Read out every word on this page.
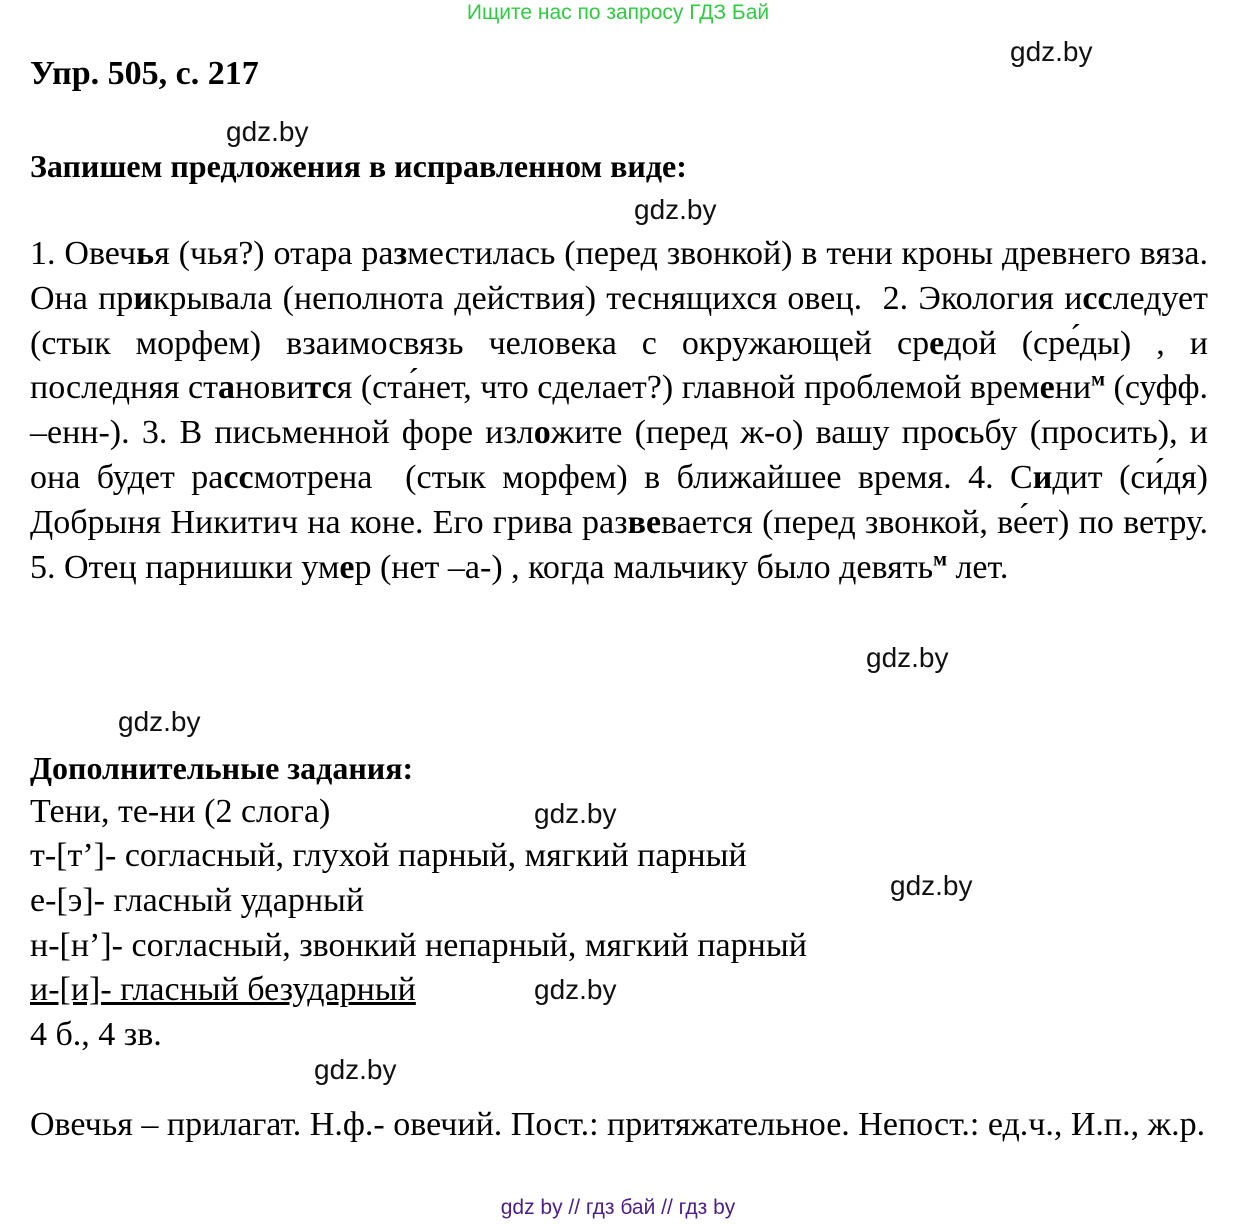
Ищите нас по запросу ГДЗ Бай
gdz.by
Упр. 505, с. 217
gdz.by
Запишем предложения в исправленном виде:
gdz.by
1. Овечья (чья?) отара разместилась (перед звонкой) в тени кроны древнего вяза. Она прикрывала (неполнота действия) теснящихся овец.  2. Экология исследует (стык морфем) взаимосвязь человека с окружающей средой (сре́ды) , и последняя становится (ста́нет, что сделает?) главной проблемой времени$^м$ (суфф. –енн-). 3. В письменной форе изложите (перед ж-о) вашу просьбу (просить), и она будет рассмотрена  (стык морфем) в ближайшее время. 4. Сидит (си́дя) Добрыня Никитич на коне. Его грива развевается (перед звонкой, ве́ет) по ветру. 5. Отец парнишки умер (нет –а-) , когда мальчику было девять$^м$ лет.
gdz.by
gdz.by
Дополнительные задания:
Тени, те-ни (2 слога)	gdz.by
т-[т’]- согласный, глухой парный, мягкий парный
gdz.by
е-[э]- гласный ударный
н-[н’]- согласный, звонкий непарный, мягкий парный
и-[и]- гласный безударный	gdz.by
4 б., 4 зв.
gdz.by
Овечья – прилагат. Н.ф.- овечий. Пост.: притяжательное. Непост.: ед.ч., И.п., ж.р.
gdz by // гдз бай // гдз by
